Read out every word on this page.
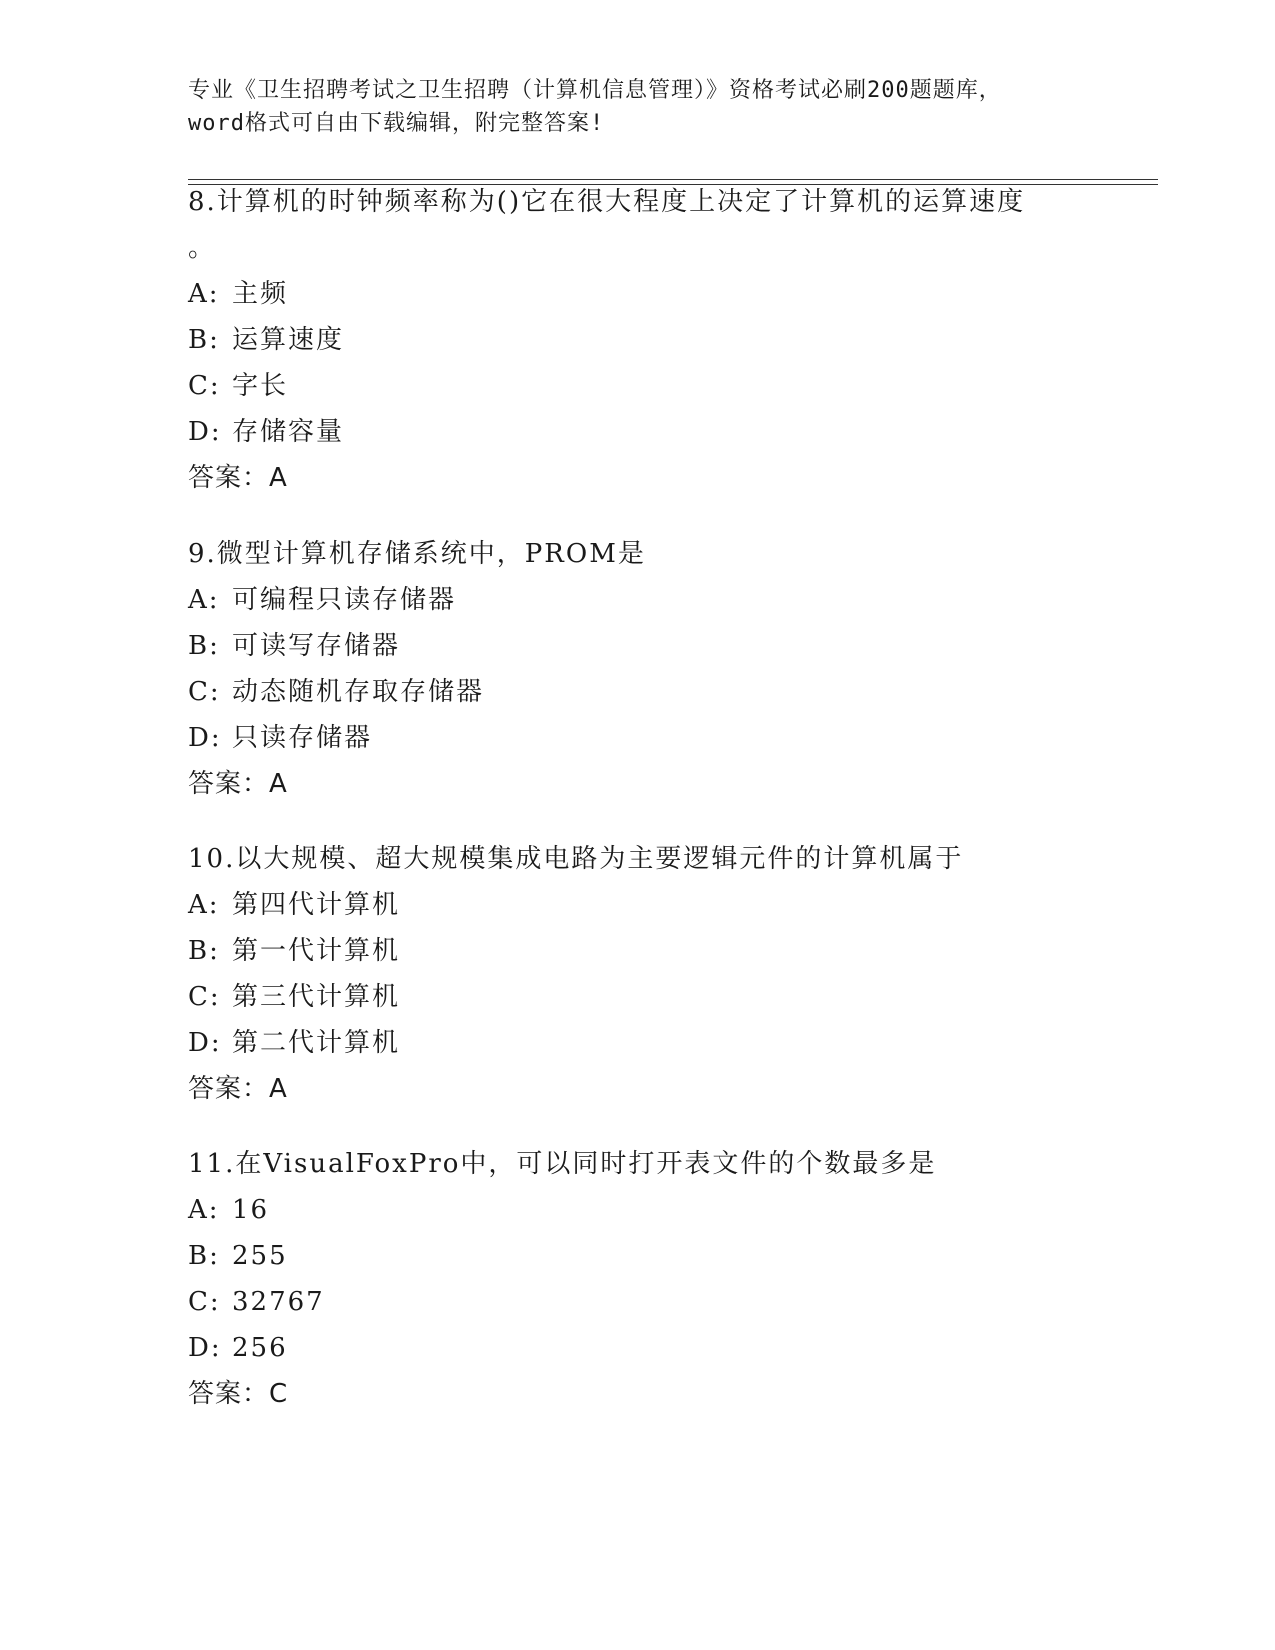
专业《卫生招聘考试之卫生招聘（计算机信息管理）》资格考试必刷200题题库，
word格式可自由下载编辑，附完整答案!
8.计算机的时钟频率称为()它在很大程度上决定了计算机的运算速度
。
A: 主频
B: 运算速度
C: 字长
D: 存储容量
答案：A
9.微型计算机存储系统中，PROM是
A: 可编程只读存储器
B: 可读写存储器
C: 动态随机存取存储器
D: 只读存储器
答案：A
10.以大规模、超大规模集成电路为主要逻辑元件的计算机属于
A: 第四代计算机
B: 第一代计算机
C: 第三代计算机
D: 第二代计算机
答案：A
11.在VisualFoxPro中，可以同时打开表文件的个数最多是
A: 16
B: 255
C: 32767
D: 256
答案：C
